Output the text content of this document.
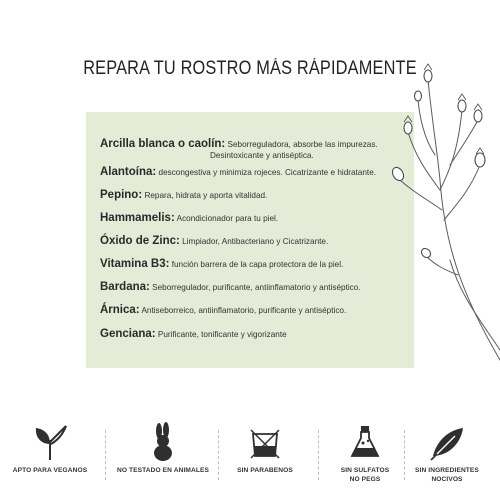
REPARA TU ROSTRO MÁS RÁPIDAMENTE
Arcilla blanca o caolín: Seborreguladora, absorbe las impurezas.
Desintoxicante y antiséptica.
Alantoína: descongestiva y minimiza rojeces. Cicatrizante e hidratante.
Pepino: Repara, hidrata y aporta vitalidad.
Hammamelis: Acondicionador para tu piel.
Óxido de Zinc: Limpiador, Antibacteriano y Cicatrizante.
Vitamina B3: función barrera de la capa protectora de la piel.
Bardana: Seborregulador, purificante, antiinflamatorio y antiséptico.
Árnica: Antiseborreico, antiinflamatorio, purificante y antiséptico.
Genciana: Purificante, tonificante y vigorizante
APTO PARA VEGANOS	NO TESTADO EN ANIMALES	SIN PARABENOS	SIN SULFATOS
NO PEGS
SIN INGREDIENTES
NOCIVOS
